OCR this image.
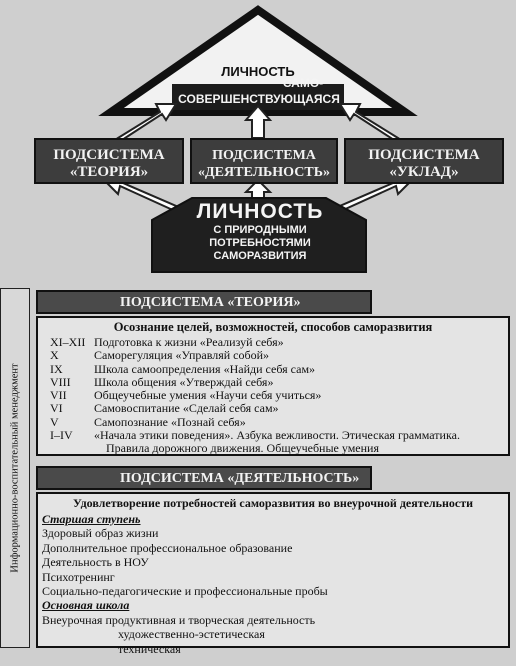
ЛИЧНОСТЬ
САМО-
СОВЕРШЕНСТВУЮЩАЯСЯ
ПОДСИСТЕМА
«ТЕОРИЯ»
ПОДСИСТЕМА
«ДЕЯТЕЛЬНОСТЬ»
ПОДСИСТЕМА
«УКЛАД»
ЛИЧНОСТЬ
С ПРИРОДНЫМИ
ПОТРЕБНОСТЯМИ
САМОРАЗВИТИЯ
Информационно-воспитательный менеджмент
ПОДСИСТЕМА «ТЕОРИЯ»
Осознание целей, возможностей, способов саморазвития
XI–XII Подготовка к жизни «Реализуй себя»
X	Саморегуляция «Управляй собой»
IX	Школа самоопределения «Найди себя сам»
VIII	Школа общения «Утверждай себя»
VII	Общеучебные умения «Научи себя учиться»
VI	Самовоспитание «Сделай себя сам»
V	Самопознание «Познай себя»
I–IV	«Начала этики поведения». Азбука вежливости. Этическая грамматика.
Правила дорожного движения. Общеучебные умения
ПОДСИСТЕМА «ДЕЯТЕЛЬНОСТЬ»
Удовлетворение потребностей саморазвития во внеурочной деятельности
Старшая ступень
Здоровый образ жизни
Дополнительное профессиональное образование
Деятельность в НОУ
Психотренинг
Социально-педагогические и профессиональные пробы
Основная школа
Внеурочная продуктивная и творческая деятельность
художественно-эстетическая
техническая
